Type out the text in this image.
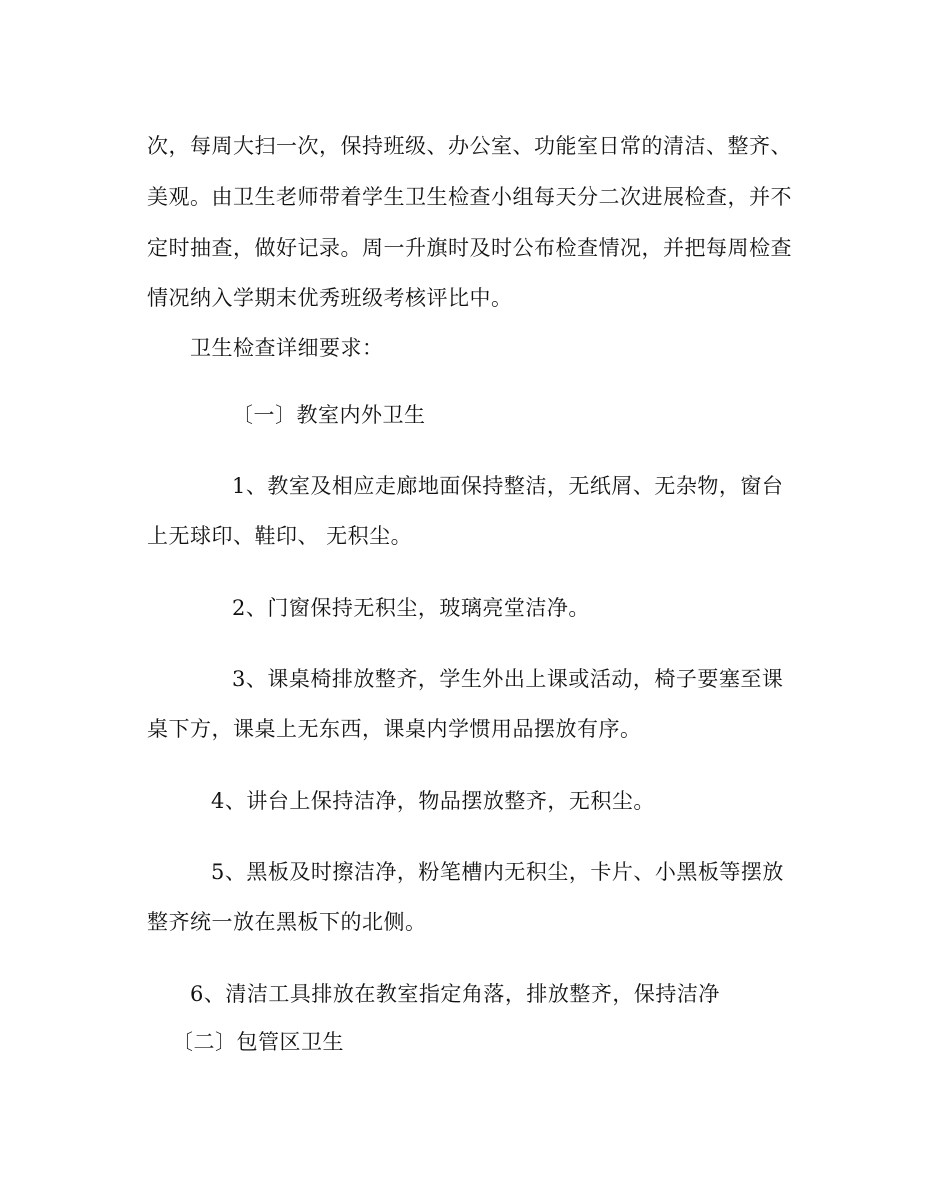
次，每周大扫一次，保持班级、办公室、功能室日常的清洁、整齐、
美观。由卫生老师带着学生卫生检查小组每天分二次进展检查，并不
定时抽查，做好记录。周一升旗时及时公布检查情况，并把每周检查
情况纳入学期末优秀班级考核评比中。
卫生检查详细要求：
〔一〕教室内外卫生
1、教室及相应走廊地面保持整洁，无纸屑、无杂物，窗台
上无球印、鞋印、 无积尘。
2、门窗保持无积尘，玻璃亮堂洁净。
3、课桌椅排放整齐，学生外出上课或活动，椅子要塞至课
桌下方，课桌上无东西，课桌内学惯用品摆放有序。
4、讲台上保持洁净，物品摆放整齐，无积尘。
5、黑板及时擦洁净，粉笔槽内无积尘，卡片、小黑板等摆放
整齐统一放在黑板下的北侧。
6、清洁工具排放在教室指定角落，排放整齐，保持洁净
〔二〕包管区卫生
